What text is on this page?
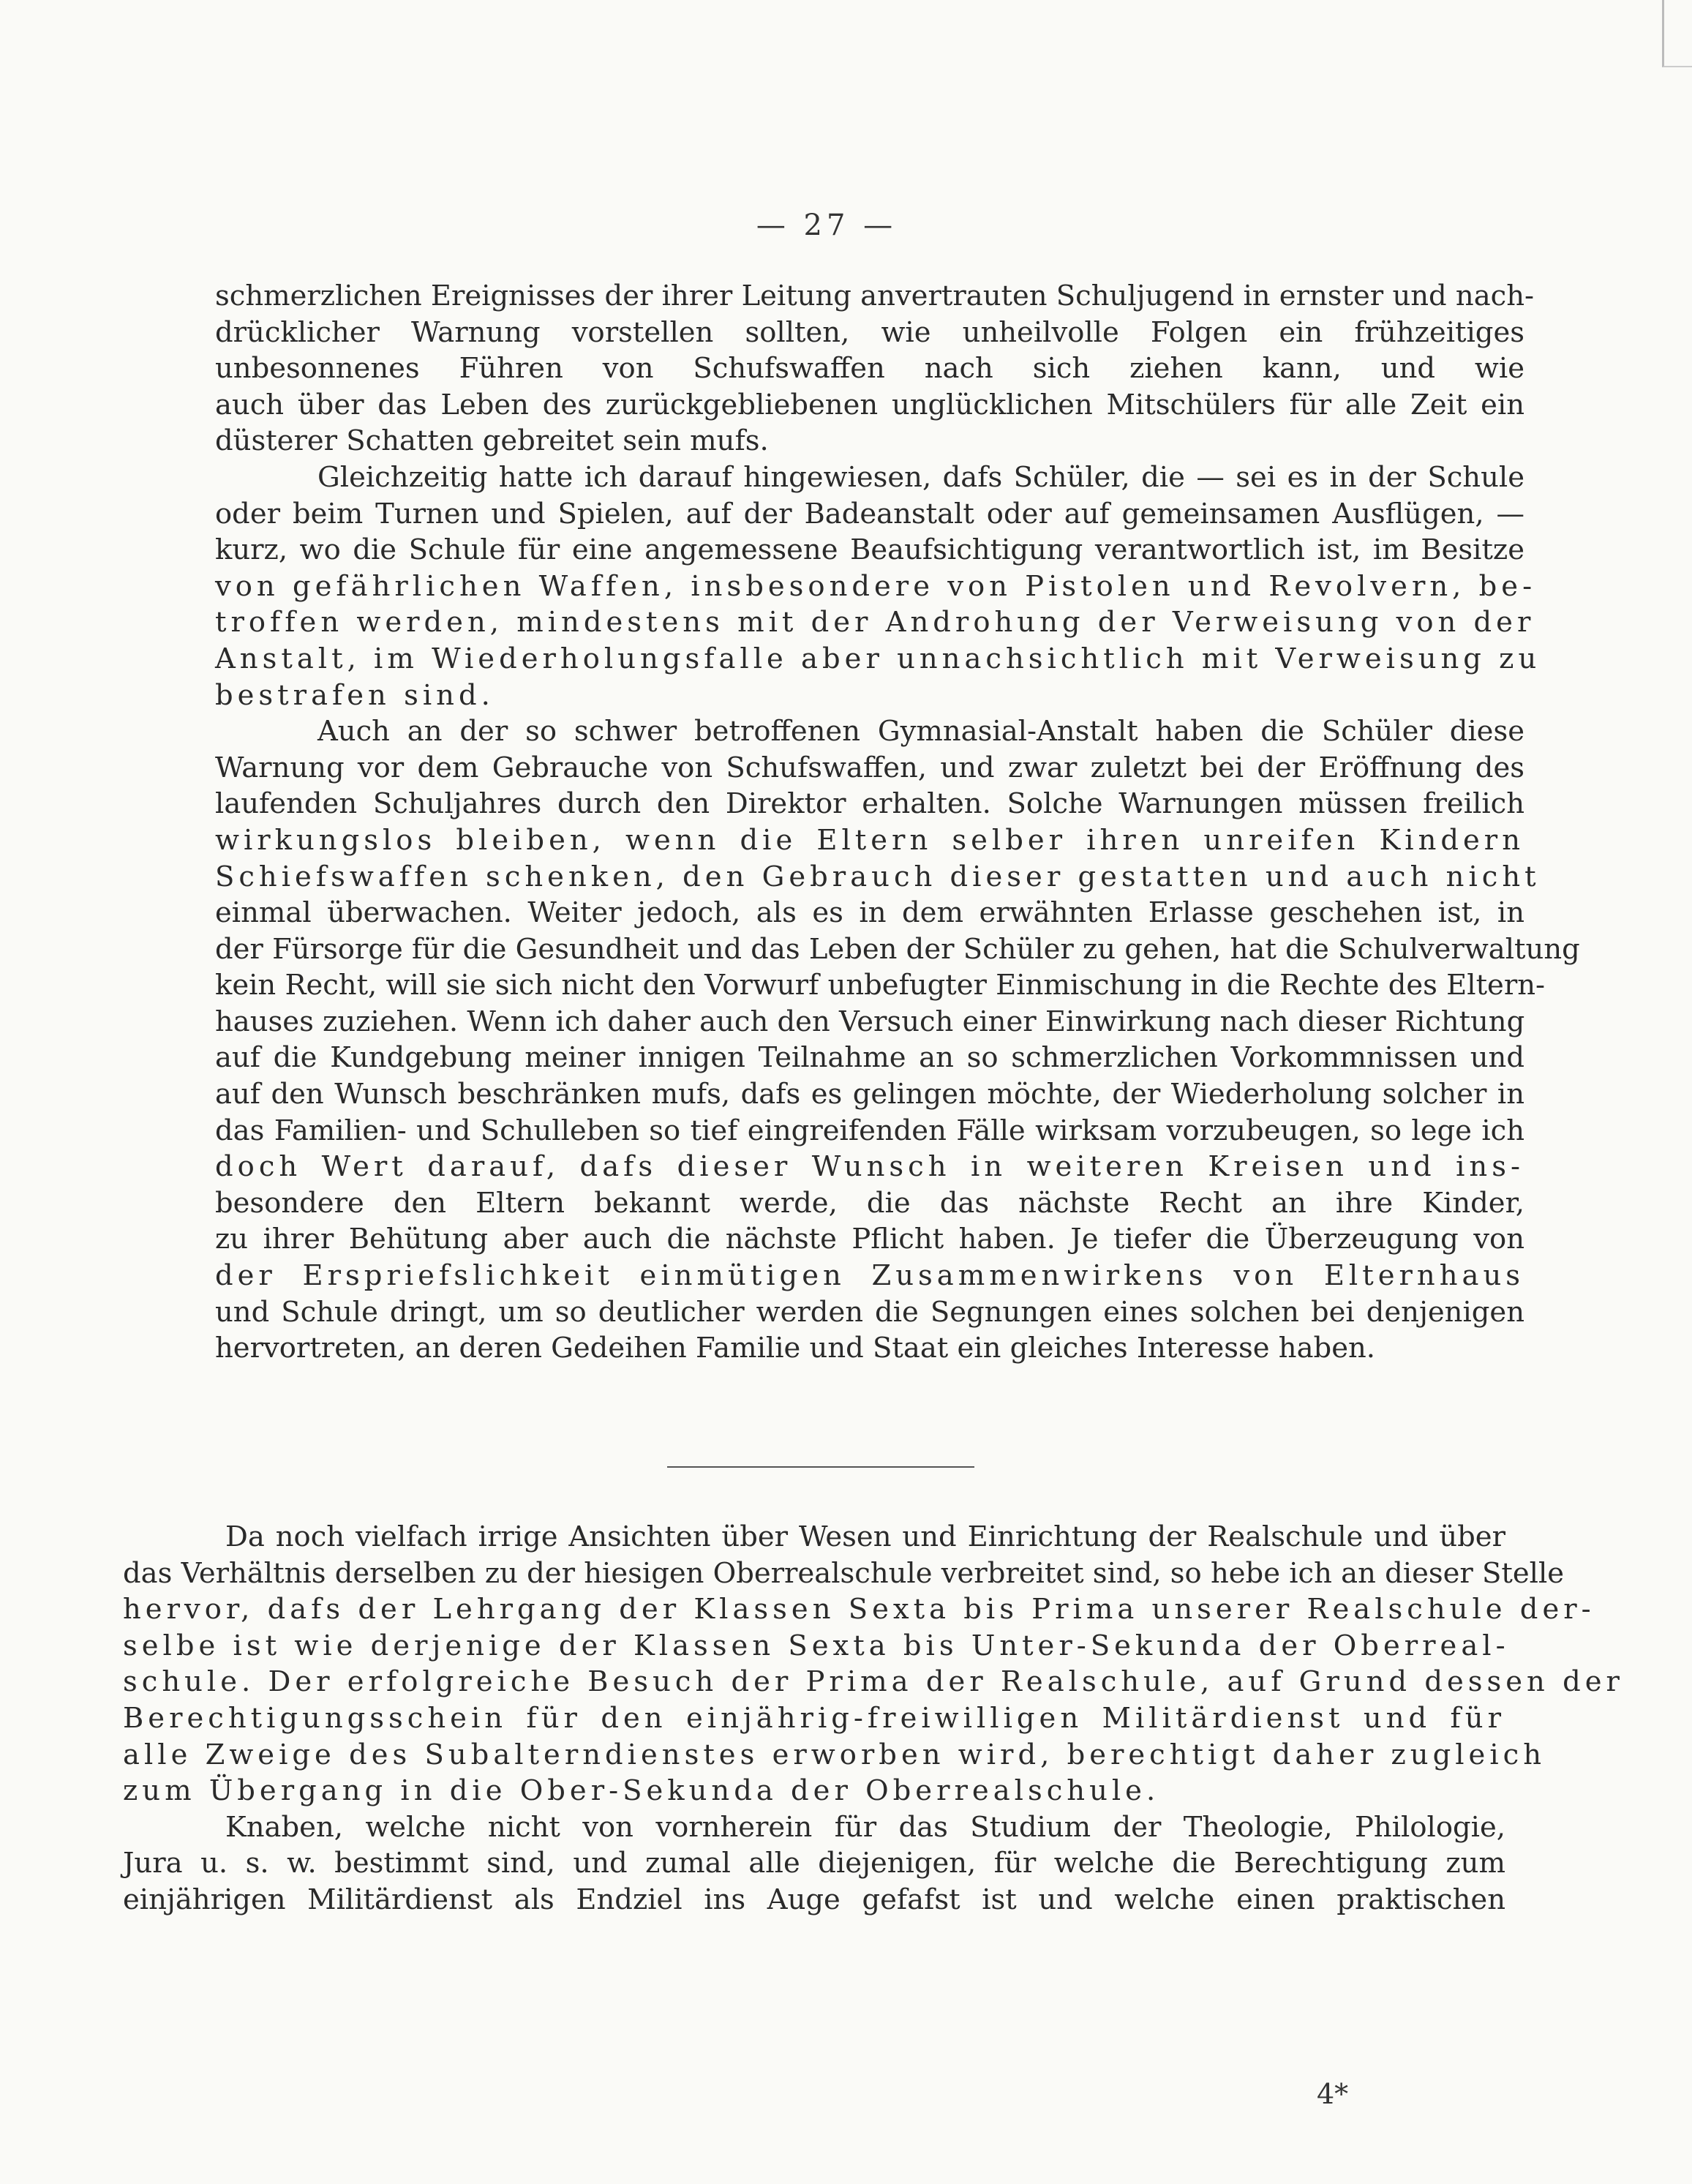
— 27 —
schmerzlichen Ereignisses der ihrer Leitung anvertrauten Schuljugend in ernster und nach-
drücklicher Warnung vorstellen sollten, wie unheilvolle Folgen ein frühzeitiges
unbesonnenes Führen von Schufswaffen nach sich ziehen kann, und wie
auch über das Leben des zurückgebliebenen unglücklichen Mitschülers für alle Zeit ein
düsterer Schatten gebreitet sein mufs.
Gleichzeitig hatte ich darauf hingewiesen, dafs Schüler, die — sei es in der Schule
oder beim Turnen und Spielen, auf der Badeanstalt oder auf gemeinsamen Ausflügen, —
kurz, wo die Schule für eine angemessene Beaufsichtigung verantwortlich ist, im Besitze
von gefährlichen Waffen, insbesondere von Pistolen und Revolvern, be-
troffen werden, mindestens mit der Androhung der Verweisung von der
Anstalt, im Wiederholungsfalle aber unnachsichtlich mit Verweisung zu
bestrafen sind.
Auch an der so schwer betroffenen Gymnasial-Anstalt haben die Schüler diese
Warnung vor dem Gebrauche von Schufswaffen, und zwar zuletzt bei der Eröffnung des
laufenden Schuljahres durch den Direktor erhalten. Solche Warnungen müssen freilich
wirkungslos bleiben, wenn die Eltern selber ihren unreifen Kindern
Schiefswaffen schenken, den Gebrauch dieser gestatten und auch nicht
einmal überwachen. Weiter jedoch, als es in dem erwähnten Erlasse geschehen ist, in
der Fürsorge für die Gesundheit und das Leben der Schüler zu gehen, hat die Schulverwaltung
kein Recht, will sie sich nicht den Vorwurf unbefugter Einmischung in die Rechte des Eltern-
hauses zuziehen. Wenn ich daher auch den Versuch einer Einwirkung nach dieser Richtung
auf die Kundgebung meiner innigen Teilnahme an so schmerzlichen Vorkommnissen und
auf den Wunsch beschränken mufs, dafs es gelingen möchte, der Wiederholung solcher in
das Familien- und Schulleben so tief eingreifenden Fälle wirksam vorzubeugen, so lege ich
doch Wert darauf, dafs dieser Wunsch in weiteren Kreisen und ins-
besondere den Eltern bekannt werde, die das nächste Recht an ihre Kinder,
zu ihrer Behütung aber auch die nächste Pflicht haben. Je tiefer die Überzeugung von
der Erspriefslichkeit einmütigen Zusammenwirkens von Elternhaus
und Schule dringt, um so deutlicher werden die Segnungen eines solchen bei denjenigen
hervortreten, an deren Gedeihen Familie und Staat ein gleiches Interesse haben.
Da noch vielfach irrige Ansichten über Wesen und Einrichtung der Realschule und über
das Verhältnis derselben zu der hiesigen Oberrealschule verbreitet sind, so hebe ich an dieser Stelle
hervor, dafs der Lehrgang der Klassen Sexta bis Prima unserer Realschule der-
selbe ist wie derjenige der Klassen Sexta bis Unter-Sekunda der Oberreal-
schule. Der erfolgreiche Besuch der Prima der Realschule, auf Grund dessen der
Berechtigungsschein für den einjährig-freiwilligen Militärdienst und für
alle Zweige des Subalterndienstes erworben wird, berechtigt daher zugleich
zum Übergang in die Ober-Sekunda der Oberrealschule.
Knaben, welche nicht von vornherein für das Studium der Theologie, Philologie,
Jura u. s. w. bestimmt sind, und zumal alle diejenigen, für welche die Berechtigung zum
einjährigen Militärdienst als Endziel ins Auge gefafst ist und welche einen praktischen
4*
